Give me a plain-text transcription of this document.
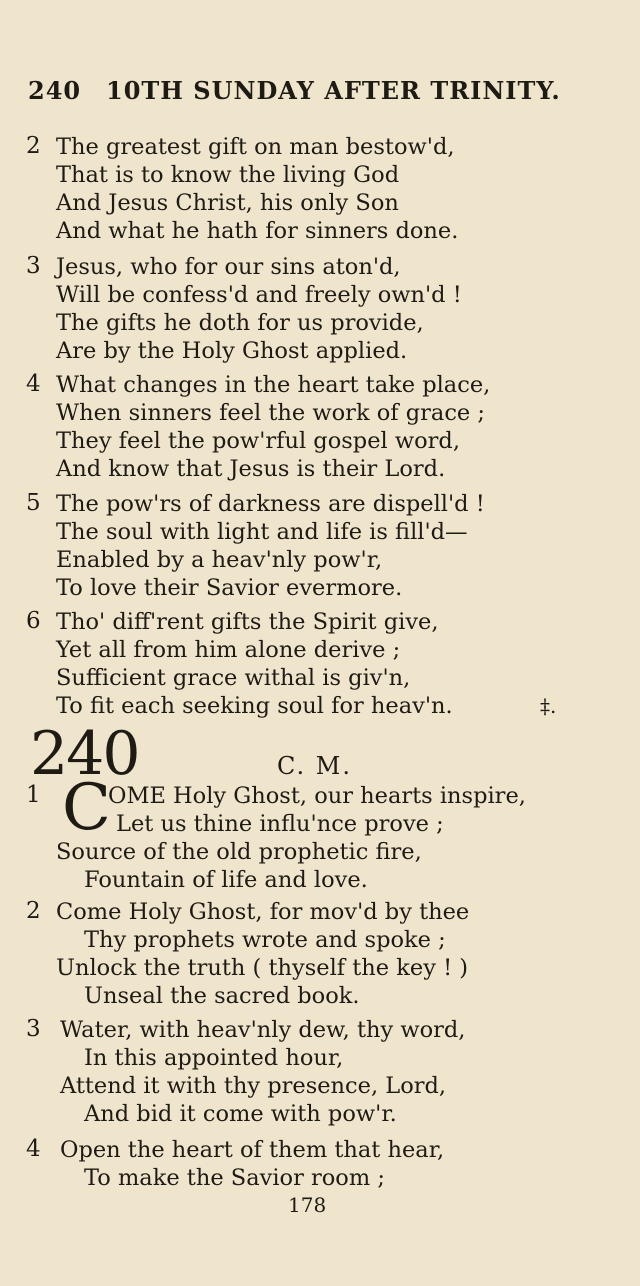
240 10TH SUNDAY AFTER TRINITY.
2 The greatest gift on man bestow'd,
That is to know the living God
And Jesus Christ, his only Son
And what he hath for sinners done.
3 Jesus, who for our sins aton'd,
Will be confess'd and freely own'd !
The gifts he doth for us provide,
Are by the Holy Ghost applied.
4 What changes in the heart take place,
When sinners feel the work of grace ;
They feel the pow'rful gospel word,
And know that Jesus is their Lord.
5 The pow'rs of darkness are dispell'd !
The soul with light and life is fill'd—
Enabled by a heav'nly pow'r,
To love their Savior evermore.
6 Tho' diff'rent gifts the Spirit give,
Yet all from him alone derive ;
Sufficient grace withal is giv'n,
To fit each seeking soul for heav'n.	‡.
240	C. M.
C
1	OME Holy Ghost, our hearts inspire,
Let us thine influ'nce prove ;
Source of the old prophetic fire,
Fountain of life and love.
2 Come Holy Ghost, for mov'd by thee
Thy prophets wrote and spoke ;
Unlock the truth ( thyself the key ! )
Unseal the sacred book.
3 Water, with heav'nly dew, thy word,
In this appointed hour,
Attend it with thy presence, Lord,
And bid it come with pow'r.
4 Open the heart of them that hear,
To make the Savior room ;
178
